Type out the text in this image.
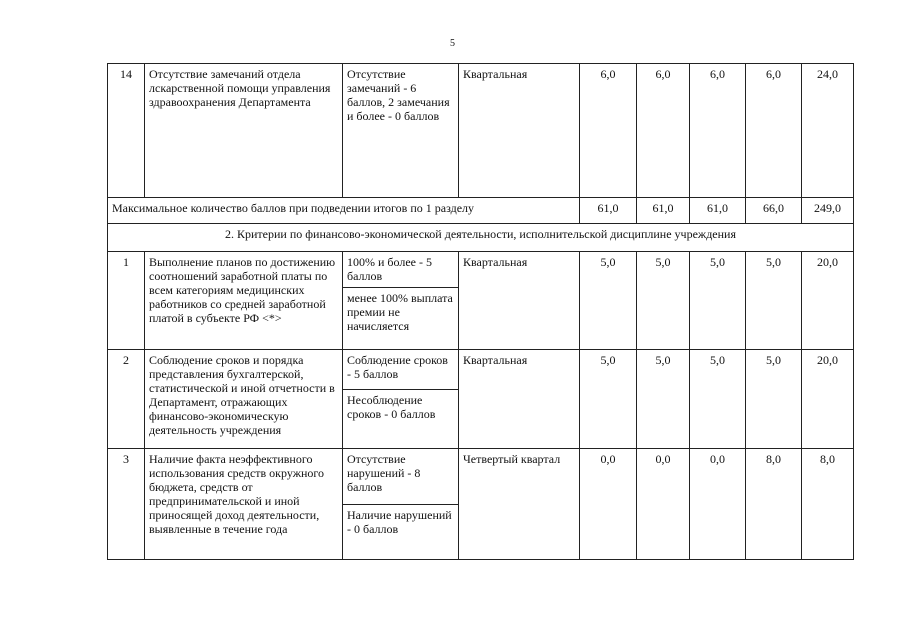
5
14	Отсутствие замечаний отдела лскарственной помощи управления здравоохранения Департамента	Отсутствие замечаний - 6 баллов, 2 замечания и более - 0 баллов	Квартальная	6,0	6,0	6,0	6,0	24,0
Максимальное количество баллов при подведении итогов по 1 разделу				61,0	61,0	61,0	66,0	249,0
2. Критерии по финансово-экономической деятельности, исполнительской дисциплине учреждения								
1	Выполнение планов по достижению соотношений заработной платы по всем категориям медицинских работников со средней заработной платой в субъекте РФ <*>	100% и более - 5 баллов	Квартальная	5,0	5,0	5,0	5,0	20,0
		менее 100% выплата премии не начисляется						
2	Соблюдение сроков и порядка представления бухгалтерской, статистической и иной отчетности в Департамент, отражающих финансово-экономическую деятельность учреждения	Соблюдение сроков - 5 баллов	Квартальная	5,0	5,0	5,0	5,0	20,0
		Несоблюдение сроков - 0 баллов						
3	Наличие факта неэффективного использования средств окружного бюджета, средств от предпринимательской и иной приносящей доход деятельности, выявленные в течение года	Отсутствие нарушений - 8 баллов	Четвертый квартал	0,0	0,0	0,0	8,0	8,0
		Наличие нарушений - 0 баллов						
